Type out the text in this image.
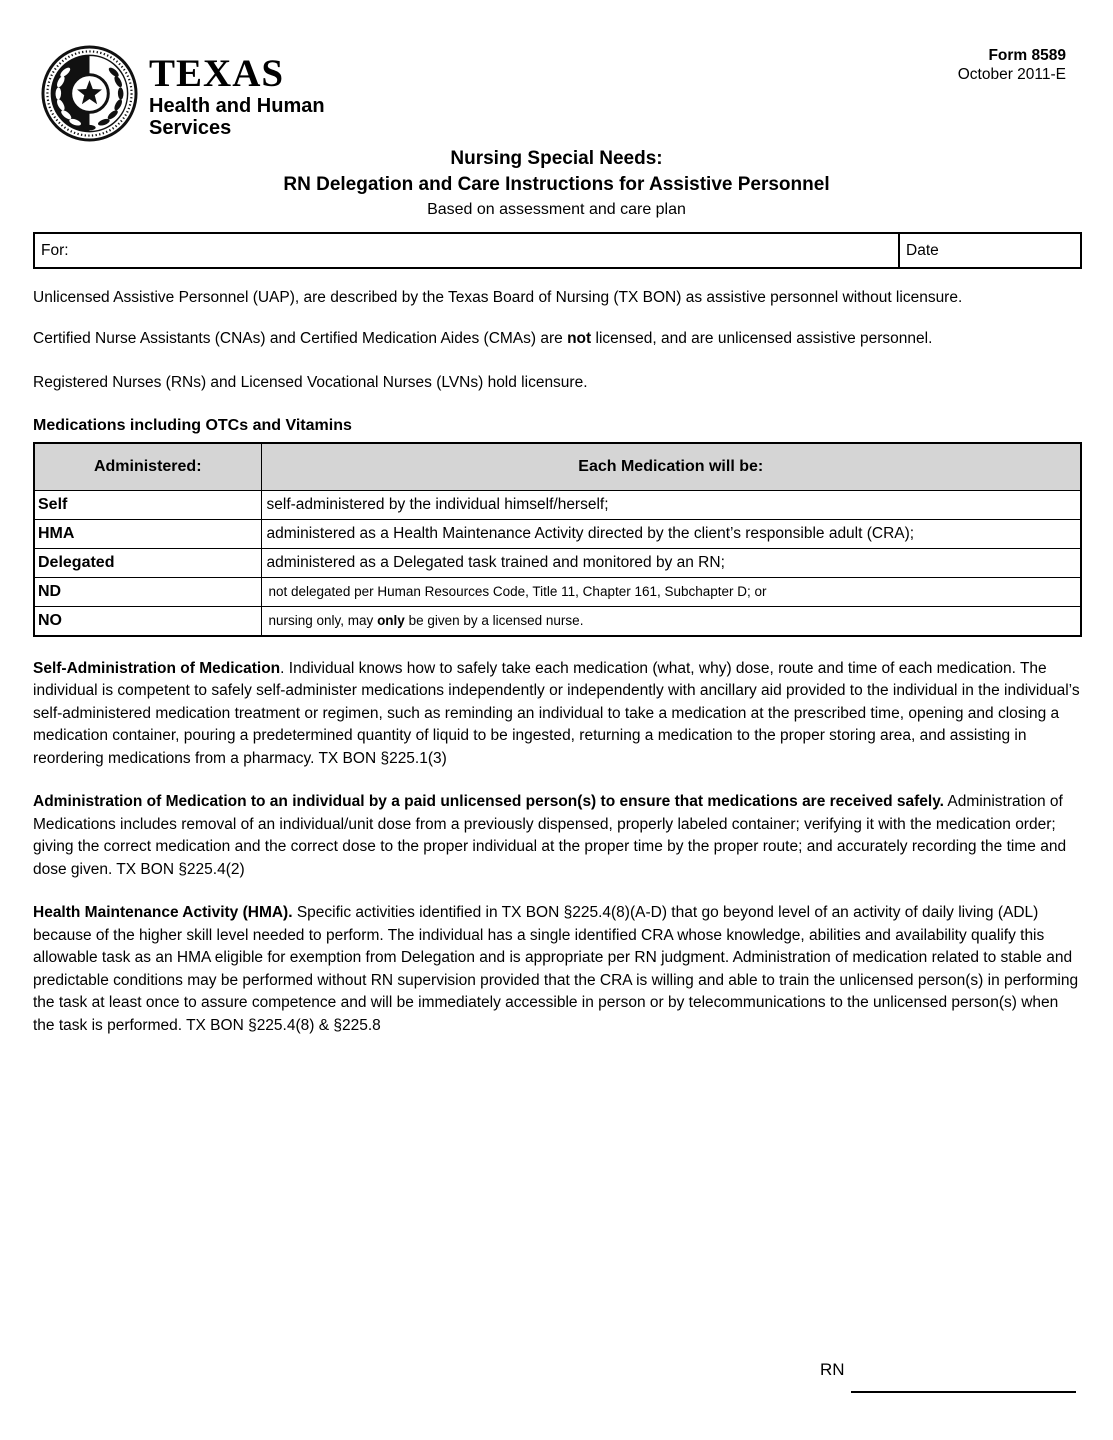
TEXAS
Health and Human
Services
Form 8589
October 2011-E
Nursing Special Needs:
RN Delegation and Care Instructions for Assistive Personnel
Based on assessment and care plan
For:	Date

Unlicensed Assistive Personnel (UAP), are described by the Texas Board of Nursing (TX BON) as assistive personnel without licensure.

Certified Nurse Assistants (CNAs) and Certified Medication Aides (CMAs) are not licensed, and are unlicensed assistive personnel.

Registered Nurses (RNs) and Licensed Vocational Nurses (LVNs) hold licensure.

Medications including OTCs and Vitamins
Administered:	Each Medication will be:
Self	self-administered by the individual himself/herself;
HMA	administered as a Health Maintenance Activity directed by the client’s responsible adult (CRA);
Delegated	administered as a Delegated task trained and monitored by an RN;
ND	not delegated per Human Resources Code, Title 11, Chapter 161, Subchapter D; or
NO	nursing only, may only be given by a licensed nurse.

Self-Administration of Medication. Individual knows how to safely take each medication (what, why) dose, route and time of each medication. The individual is competent to safely self-administer medications independently or independently with ancillary aid provided to the individual in the individual’s self-administered medication treatment or regimen, such as reminding an individual to take a medication at the prescribed time, opening and closing a medication container, pouring a predetermined quantity of liquid to be ingested, returning a medication to the proper storing area, and assisting in reordering medications from a pharmacy. TX BON §225.1(3)

Administration of Medication to an individual by a paid unlicensed person(s) to ensure that medications are received safely. Administration of Medications includes removal of an individual/unit dose from a previously dispensed, properly labeled container; verifying it with the medication order; giving the correct medication and the correct dose to the proper individual at the proper time by the proper route; and accurately recording the time and dose given. TX BON §225.4(2)

Health Maintenance Activity (HMA). Specific activities identified in TX BON §225.4(8)(A-D) that go beyond level of an activity of daily living (ADL) because of the higher skill level needed to perform. The individual has a single identified CRA whose knowledge, abilities and availability qualify this allowable task as an HMA eligible for exemption from Delegation and is appropriate per RN judgment. Administration of medication related to stable and predictable conditions may be performed without RN supervision provided that the CRA is willing and able to train the unlicensed person(s) in performing the task at least once to assure competence and will be immediately accessible in person or by telecommunications to the unlicensed person(s) when the task is performed. TX BON §225.4(8) & §225.8

RN
